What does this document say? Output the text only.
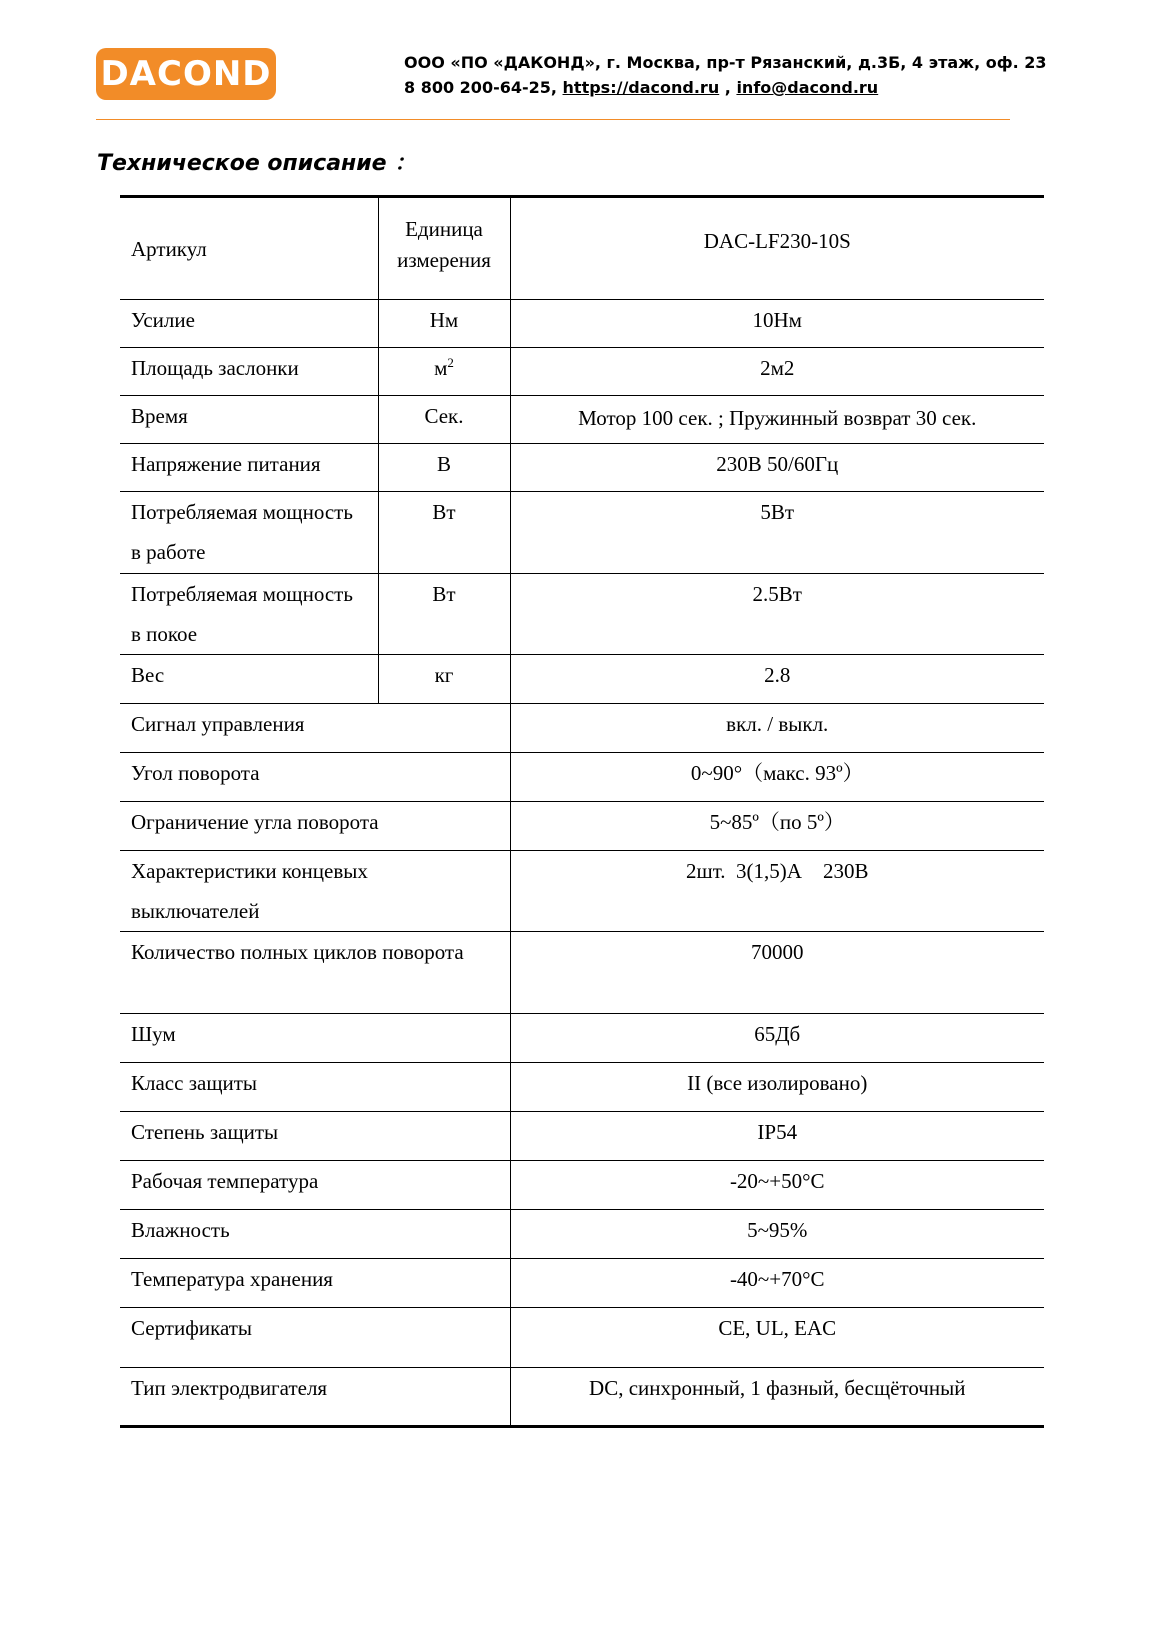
DACOND	ООО «ПО «ДАКОНД», г. Москва, пр-т Рязанский, д.3Б, 4 этаж, оф. 23
8 800 200-64-25, https://dacond.ru , info@dacond.ru
Техническое описание ：
Артикул	Единица измерения	DAC-LF230-10S
Усилие	Нм	10Нм
Площадь заслонки	$м^2$	2м2
Время	Сек.	Мотор 100 сек. ; Пружинный возврат 30 сек.
Напряжение питания	В	230В 50/60Гц
Потребляемая мощность в работе	Вт	5Вт
Потребляемая мощность в покое	Вт	2.5Вт
Вес	кг	2.8
Сигнал управления		вкл. / выкл.
Угол поворота		0~90°（макс. 93º）
Ограничение угла поворота		5~85º（по 5º）
Характеристики концевых выключателей		2шт.  3(1,5)А    230В
Количество полных циклов поворота		70000
Шум		65Дб
Класс защиты		II (все изолировано)
Степень защиты		IP54
Рабочая температура		-20~+50°C
Влажность		5~95%
Температура хранения		-40~+70°C
Сертификаты		CE, UL, EAC
Тип электродвигателя		DC, синхронный, 1 фазный, бесщёточный
